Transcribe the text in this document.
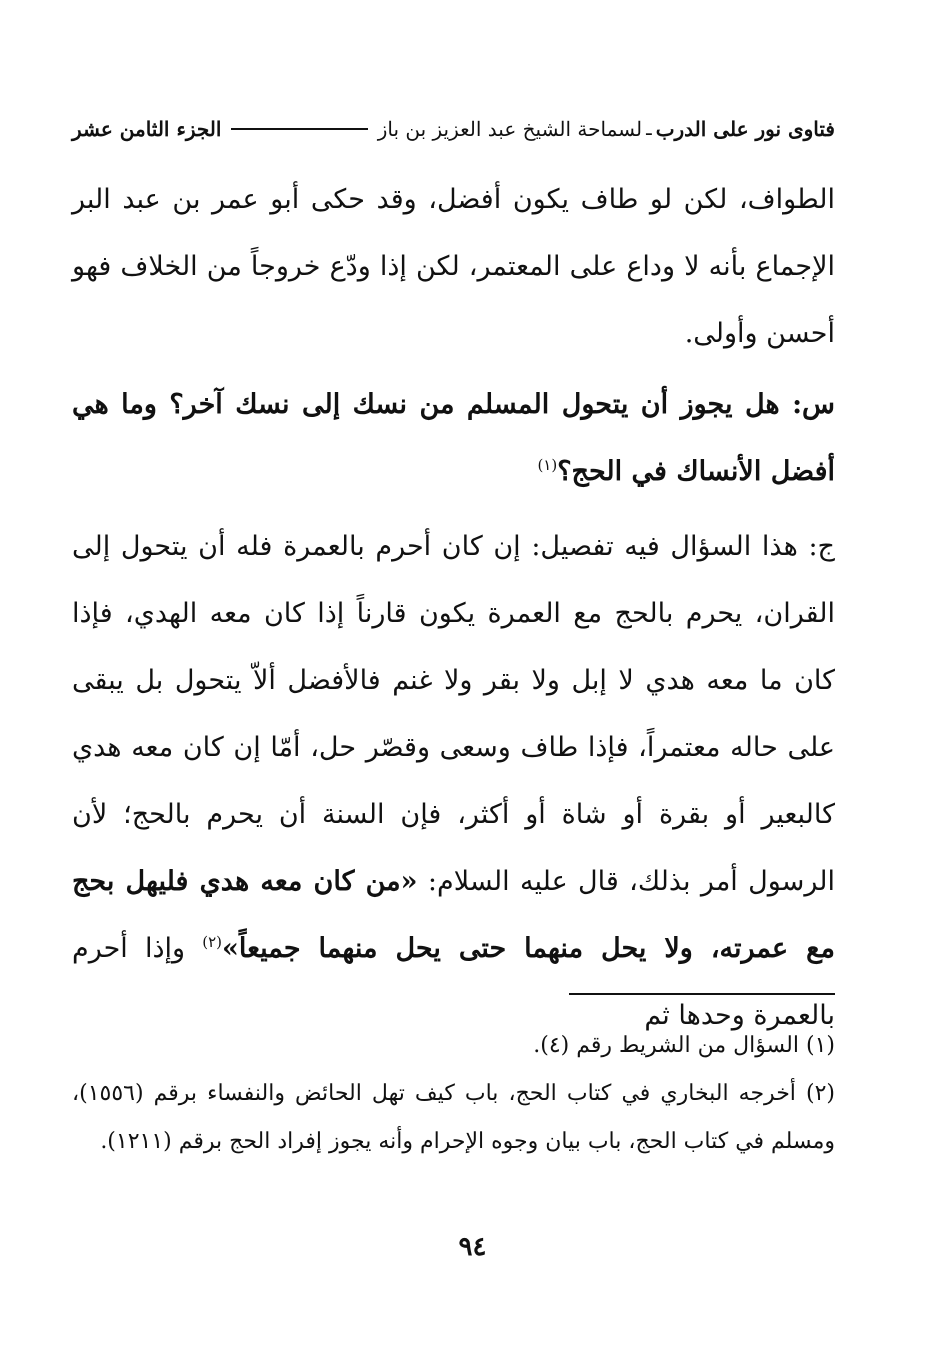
فتاوى نور على الدرب
ـ
لسماحة الشيخ عبد العزيز بن باز
الجزء الثامن عشر

الطواف، لكن لو طاف يكون أفضل، وقد حكى أبو عمر بن عبد البر الإجماع بأنه لا وداع على المعتمر، لكن إذا ودّع خروجاً من الخلاف فهو أحسن وأولى.

س: هل يجوز أن يتحول المسلم من نسك إلى نسك آخر؟ وما هي أفضل الأنساك في الحج؟$^{(١)}$

ج: هذا السؤال فيه تفصيل: إن كان أحرم بالعمرة فله أن يتحول إلى القران، يحرم بالحج مع العمرة يكون قارناً إذا كان معه الهدي، فإذا كان ما معه هدي لا إبل ولا بقر ولا غنم فالأفضل ألاّ يتحول بل يبقى على حاله معتمراً، فإذا طاف وسعى وقصّر حل، أمّا إن كان معه هدي كالبعير أو بقرة أو شاة أو أكثر، فإن السنة أن يحرم بالحج؛ لأن الرسول أمر بذلك، قال عليه السلام: «من كان معه هدي فليهل بحج مع عمرته، ولا يحل منهما حتى يحل منهما جميعاً»$^{(٢)}$ وإذا أحرم بالعمرة وحدها ثم

(١) السؤال من الشريط رقم (٤).

(٢) أخرجه البخاري في كتاب الحج، باب كيف تهل الحائض والنفساء برقم (١٥٥٦)، ومسلم في كتاب الحج، باب بيان وجوه الإحرام وأنه يجوز إفراد الحج برقم (١٢١١).

٩٤
